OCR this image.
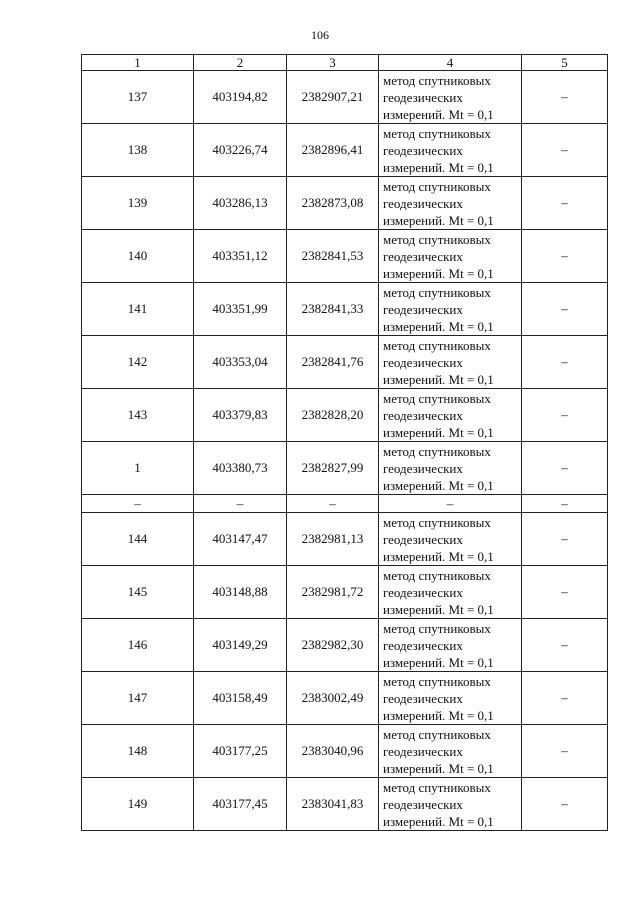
106
1	2	3	4	5
137	403194,82	2382907,21	метод спутниковых
геодезических
измерений. Mt = 0,1	–
138	403226,74	2382896,41	метод спутниковых
геодезических
измерений. Mt = 0,1	–
139	403286,13	2382873,08	метод спутниковых
геодезических
измерений. Mt = 0,1	–
140	403351,12	2382841,53	метод спутниковых
геодезических
измерений. Mt = 0,1	–
141	403351,99	2382841,33	метод спутниковых
геодезических
измерений. Mt = 0,1	–
142	403353,04	2382841,76	метод спутниковых
геодезических
измерений. Mt = 0,1	–
143	403379,83	2382828,20	метод спутниковых
геодезических
измерений. Mt = 0,1	–
1	403380,73	2382827,99	метод спутниковых
геодезических
измерений. Mt = 0,1	–
–	–	–	–	–
144	403147,47	2382981,13	метод спутниковых
геодезических
измерений. Mt = 0,1	–
145	403148,88	2382981,72	метод спутниковых
геодезических
измерений. Mt = 0,1	–
146	403149,29	2382982,30	метод спутниковых
геодезических
измерений. Mt = 0,1	–
147	403158,49	2383002,49	метод спутниковых
геодезических
измерений. Mt = 0,1	–
148	403177,25	2383040,96	метод спутниковых
геодезических
измерений. Mt = 0,1	–
149	403177,45	2383041,83	метод спутниковых
геодезических
измерений. Mt = 0,1	–
